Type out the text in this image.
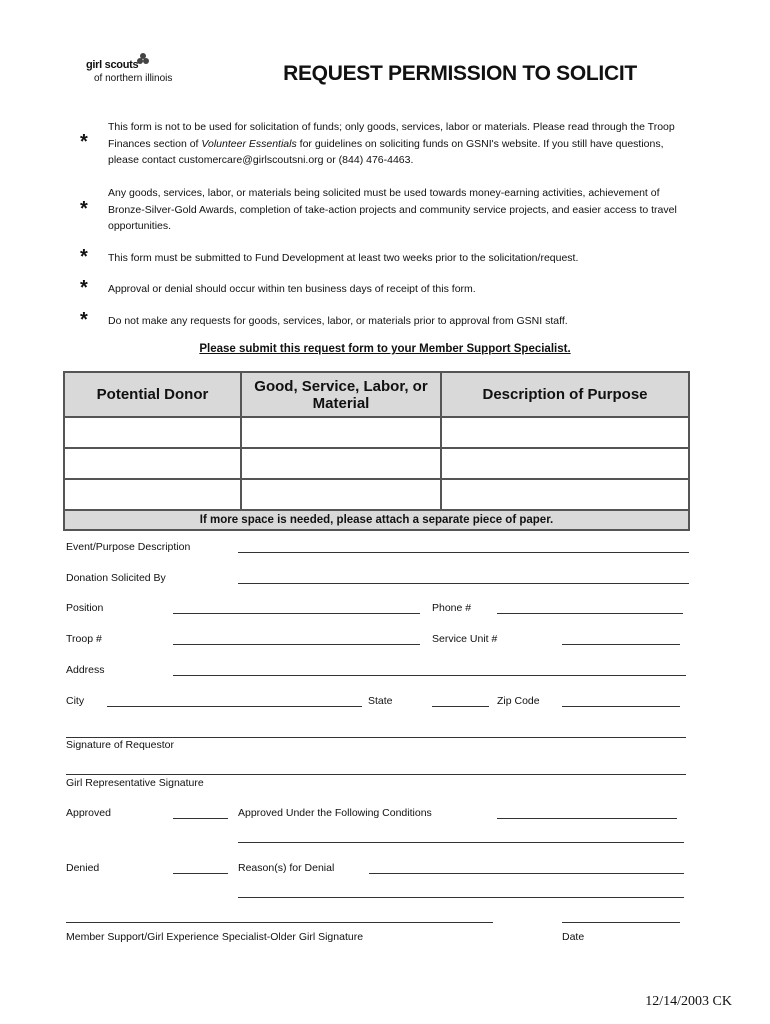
girl scouts
of northern illinois	REQUEST PERMISSION TO SOLICIT
*
This form is not to be used for solicitation of funds; only goods, services, labor or materials. Please read through the Troop Finances section of Volunteer Essentials for guidelines on soliciting funds on GSNI's website. If you still have questions, please contact customercare@girlscoutsni.org or (844) 476-4463.
*
Any goods, services, labor, or materials being solicited must be used towards money-earning activities, achievement of Bronze-Silver-Gold Awards, completion of take-action projects and community service projects, and easier access to travel opportunities.
* This form must be submitted to Fund Development at least two weeks prior to the solicitation/request.
* Approval or denial should occur within ten business days of receipt of this form.
* Do not make any requests for goods, services, labor, or materials prior to approval from GSNI staff.
Please submit this request form to your Member Support Specialist.
Potential Donor	Good, Service, Labor, or Material	Description of Purpose

If more space is needed, please attach a separate piece of paper.		
Event/Purpose Description
Donation Solicited By
Position	Phone #
Troop #	Service Unit #
Address
City	State	Zip Code
Signature of Requestor
Girl Representative Signature
Approved	Approved Under the Following Conditions
Denied	Reason(s) for Denial
Member Support/Girl Experience Specialist-Older Girl Signature	Date
12/14/2003 CK
